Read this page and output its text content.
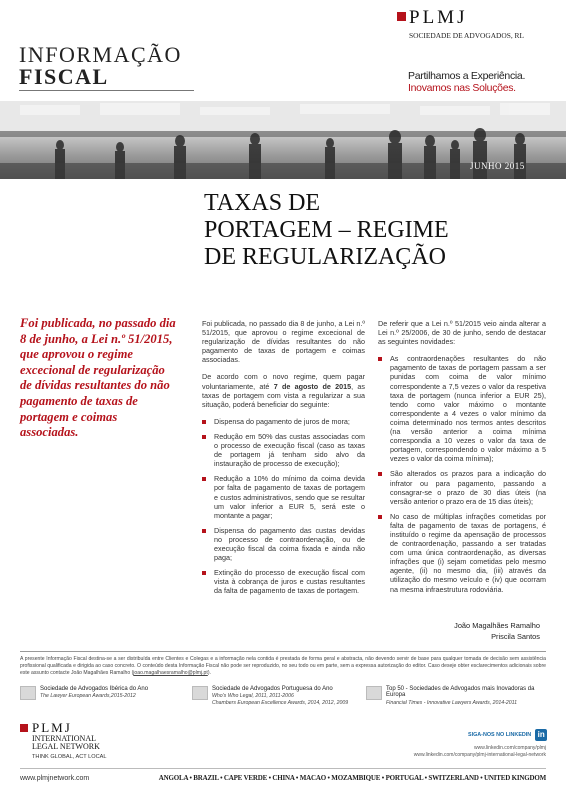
INFORMAÇÃO
FISCAL
PLMJ
SOCIEDADE DE ADVOGADOS, RL
Partilhamos a Experiência.
Inovamos nas Soluções.
JUNHO 2015
TAXAS DE
PORTAGEM – REGIME
DE REGULARIZAÇÃO
Foi publicada, no passado dia 8 de junho, a Lei n.º 51/2015, que aprovou o regime excecional de regularização de dívidas resultantes do não pagamento de taxas de portagem e coimas associadas.

Foi publicada, no passado dia 8 de junho, a Lei n.º 51/2015, que aprovou o regime excecional de regularização de dívidas resultantes do não pagamento de taxas de portagem e coimas associadas.

De acordo com o novo regime, quem pagar voluntariamente, até 7 de agosto de 2015, as taxas de portagem com vista a regularizar a sua situação, poderá beneficiar do seguinte:

Dispensa do pagamento de juros de mora;
Redução em 50% das custas associadas com o processo de execução fiscal (caso as taxas de portagem já tenham sido alvo da instauração de processo de execução);
Redução a 10% do mínimo da coima devida por falta de pagamento de taxas de portagem e custos administrativos, sendo que se resultar um valor inferior a EUR 5, será este o montante a pagar;
Dispensa do pagamento das custas devidas no processo de contraordenação, ou de execução fiscal da coima fixada e ainda não paga;
Extinção do processo de execução fiscal com vista à cobrança de juros e custas resultantes da falta de pagamento de taxas de portagem.

De referir que a Lei n.º 51/2015 veio ainda alterar a Lei n.º 25/2006, de 30 de junho, sendo de destacar as seguintes novidades:

As contraordenações resultantes do não pagamento de taxas de portagem passam a ser punidas com coima de valor mínimo correspondente a 7,5 vezes o valor da respetiva taxa de portagem (nunca inferior a EUR 25), tendo como valor máximo o montante correspondente a 4 vezes o valor mínimo da coima determinado nos termos antes descritos (na versão anterior a coima mínima correspondia a 10 vezes o valor da taxa de portagem, correspondendo o valor máximo a 5 vezes o valor da coima mínima);
São alterados os prazos para a indicação do infrator ou para pagamento, passando a consagrar-se o prazo de 30 dias úteis (na versão anterior o prazo era de 15 dias úteis);
No caso de múltiplas infrações cometidas por falta de pagamento de taxas de portagens, é instituído o regime da apensação de processos de contraordenação, passando a ser tratadas com uma única contraordenação, as diversas infrações que (i) sejam cometidas pelo mesmo agente, (ii) no mesmo dia, (iii) através da utilização do mesmo veículo e (iv) que ocorram na mesma infraestrutura rodoviária.
João Magalhães Ramalho
Priscila Santos
A presente Informação Fiscal destina-se a ser distribuída entre Clientes e Colegas e a informação nela contida é prestada de forma geral e abstracta, não devendo servir de base para qualquer tomada de decisão sem assistência profissional qualificada e dirigida ao caso concreto. O conteúdo desta Informação Fiscal não pode ser reproduzido, no seu todo ou em parte, sem a expressa autorização do editor. Caso deseje obter esclarecimentos adicionais sobre este assunto contacte João Magalhães Ramalho (joao.magalhaesramalho@plmj.pt).
Sociedade de Advogados Ibérica do Ano
The Lawyer European Awards,2015-2012
Sociedade de Advogados Portuguesa do Ano
Who's Who Legal, 2011, 2011-2006
Chambers European Excellence Awards, 2014, 2012, 2009
Top 50 - Sociedades de Advogados mais Inovadoras da Europa
Financial Times - Innovative Lawyers Awards, 2014-2011
PLMJ
INTERNATIONAL
LEGAL NETWORK
THINK GLOBAL, ACT LOCAL
SIGA-NOS NO LINKEDIN in
www.linkedin.com/company/plmj
www.linkedin.com/company/plmj-international-legal-network
www.plmjnetwork.com	ANGOLA • BRAZIL • CAPE VERDE • CHINA • MACAO • MOZAMBIQUE • PORTUGAL • SWITZERLAND • UNITED KINGDOM
